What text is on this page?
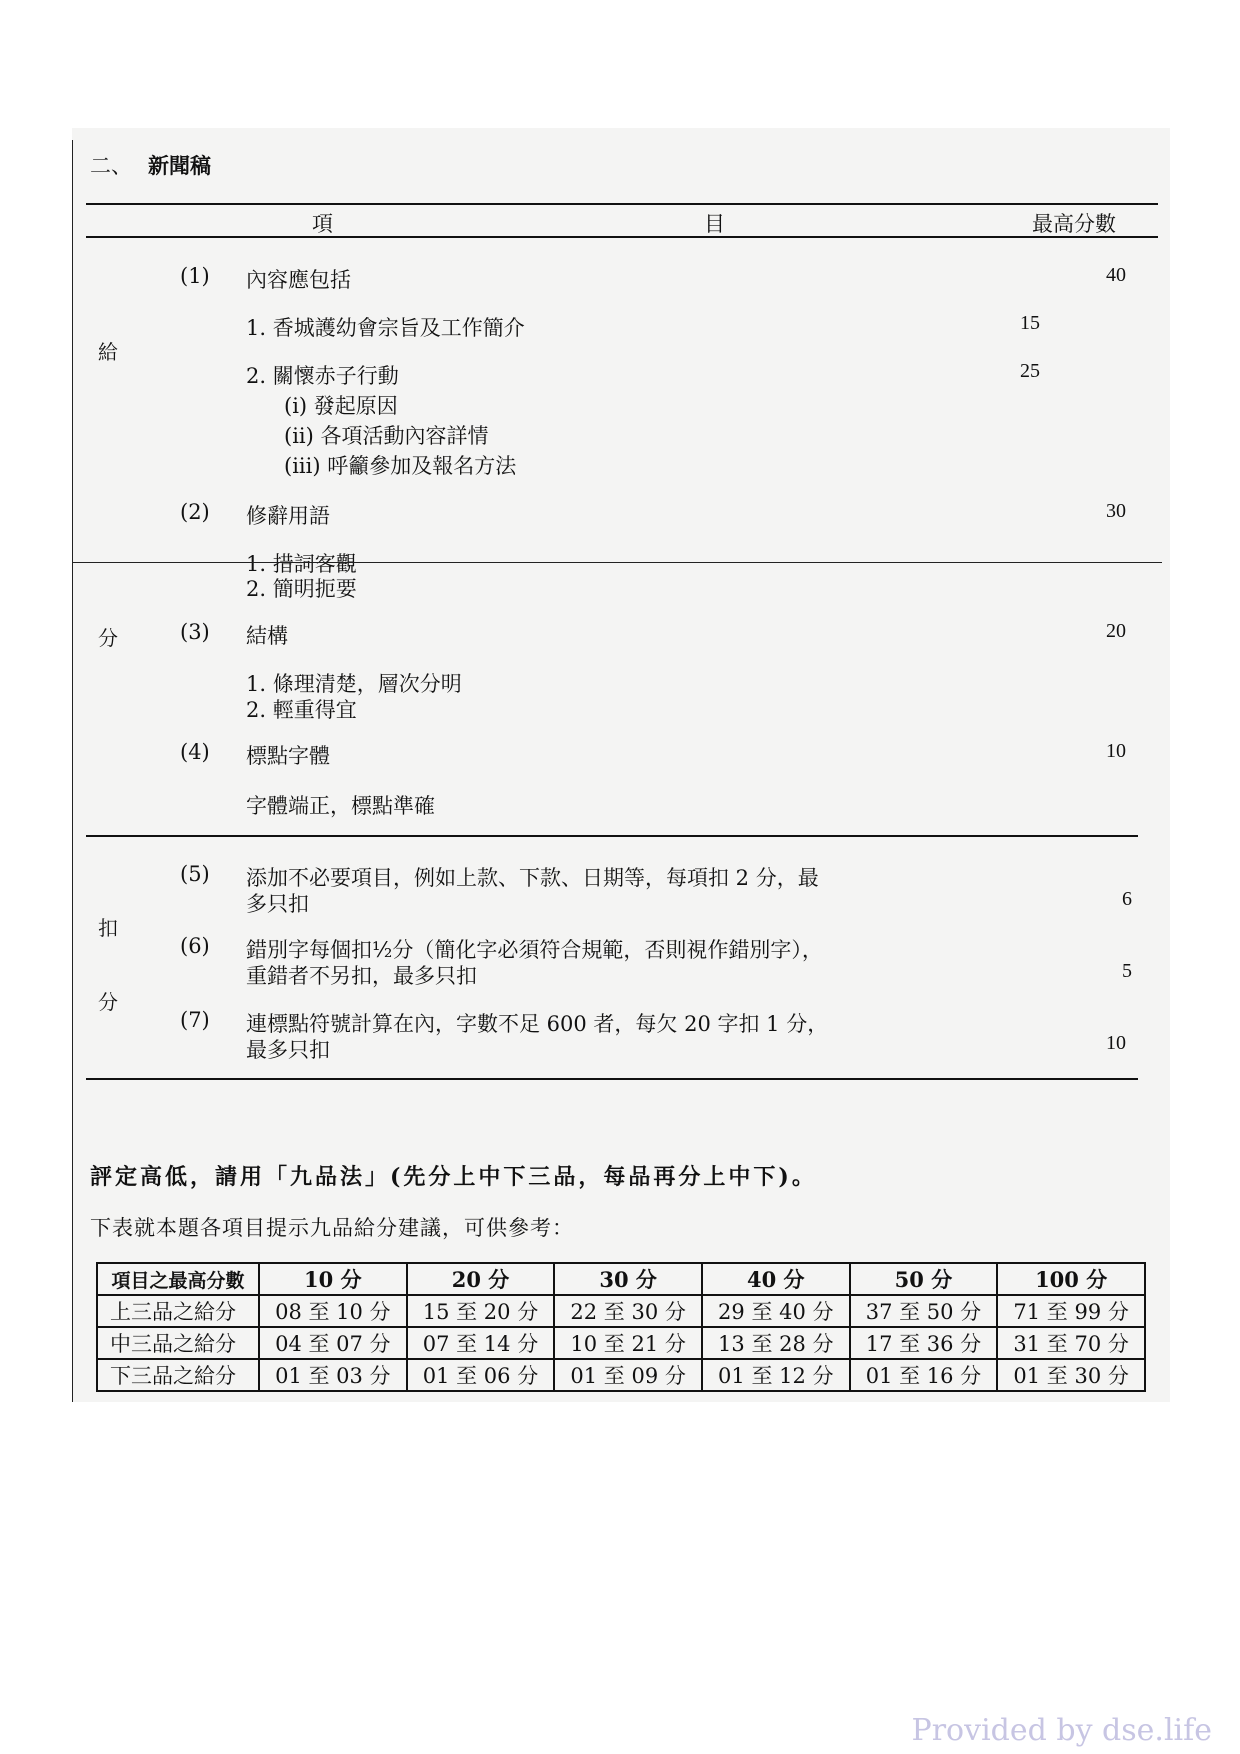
二、 新聞稿
項	目	最高分數
給
分
扣
分
(1) 內容應包括	40
1. 香城護幼會宗旨及工作簡介	15
2. 關懷赤子行動	25
(i) 發起原因
(ii) 各項活動內容詳情
(iii) 呼籲參加及報名方法
(2) 修辭用語	30
1. 措詞客觀
2. 簡明扼要
(3) 結構	20
1. 條理清楚，層次分明
2. 輕重得宜
(4) 標點字體	10
字體端正，標點準確
(5) 添加不必要項目，例如上款、下款、日期等，每項扣 2 分，最
多只扣	6
(6) 錯別字每個扣½分（簡化字必須符合規範，否則視作錯別字），
重錯者不另扣，最多只扣	5
(7) 連標點符號計算在內，字數不足 600 者，每欠 20 字扣 1 分，
最多只扣	10
評定高低，請用「九品法」(先分上中下三品，每品再分上中下)。
下表就本題各項目提示九品給分建議，可供參考：
項目之最高分數	10 分	20 分	30 分	40 分	50 分	100 分
上三品之給分	08 至 10 分	15 至 20 分	22 至 30 分	29 至 40 分	37 至 50 分	71 至 99 分
中三品之給分	04 至 07 分	07 至 14 分	10 至 21 分	13 至 28 分	17 至 36 分	31 至 70 分
下三品之給分	01 至 03 分	01 至 06 分	01 至 09 分	01 至 12 分	01 至 16 分	01 至 30 分
Provided by dse.life
